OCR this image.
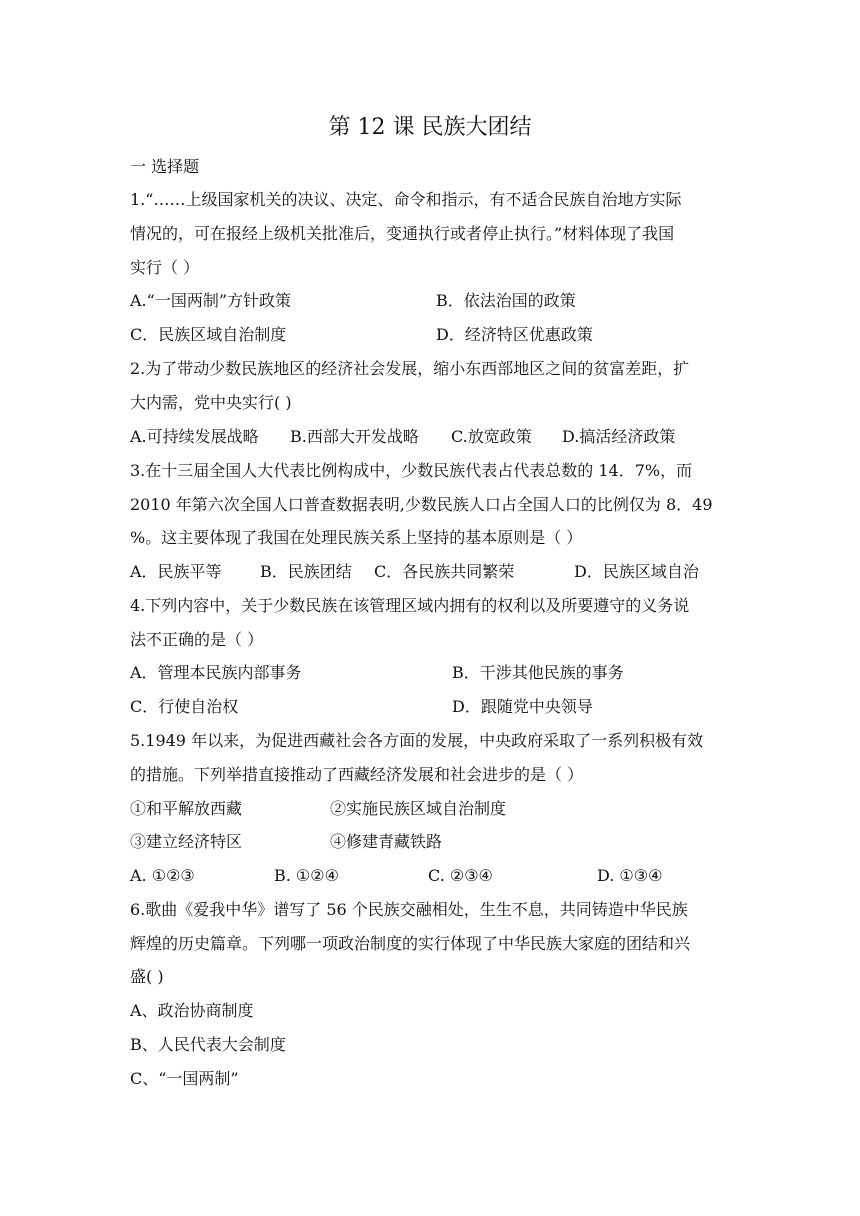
第 12 课 民族大团结
一 选择题
1.“……上级国家机关的决议、决定、命令和指示，有不适合民族自治地方实际
情况的，可在报经上级机关批准后，变通执行或者停止执行。”材料体现了我国
实行（ ）
A.“一国两制”方针政策	B．依法治国的政策
C．民族区域自治制度	D．经济特区优惠政策
2.为了带动少数民族地区的经济社会发展，缩小东西部地区之间的贫富差距，扩
大内需，党中央实行( )
A.可持续发展战略 B.西部大开发战略 C.放宽政策 D.搞活经济政策
3.在十三届全国人大代表比例构成中，少数民族代表占代表总数的 14．7%，而
2010 年第六次全国人口普查数据表明,少数民族人口占全国人口的比例仅为 8．49
%。这主要体现了我国在处理民族关系上坚持的基本原则是（ ）
A．民族平等 B．民族团结 C．各民族共同繁荣	D．民族区域自治
4.下列内容中，关于少数民族在该管理区域内拥有的权利以及所要遵守的义务说
法不正确的是（ ）
A．管理本民族内部事务	B．干涉其他民族的事务
C．行使自治权	D．跟随党中央领导
5.1949 年以来，为促进西藏社会各方面的发展，中央政府采取了一系列积极有效
的措施。下列举措直接推动了西藏经济发展和社会进步的是（ ）
①和平解放西藏	②实施民族区域自治制度
③建立经济特区	④修建青藏铁路
A. ①②③	B. ①②④	C. ②③④	D. ①③④
6.歌曲《爱我中华》谱写了 56 个民族交融相处，生生不息，共同铸造中华民族
辉煌的历史篇章。下列哪一项政治制度的实行体现了中华民族大家庭的团结和兴
盛( )
A、政治协商制度
B、人民代表大会制度
C、“一国两制”
